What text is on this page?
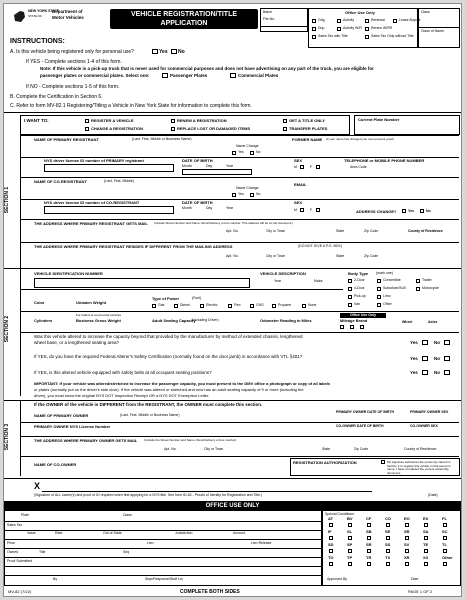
NEW YORK STATE
STATE OF
Department of
Motor Vehicles	VEHICLE REGISTRATION/TITLE
APPLICATION
Batch
File No.
Office Use Only
Orig
Dup
Sales Tax with Title
Activity
Activity W/R
Renewal
Renew W/RR
Sales Tax Only without Title
Lease Buyout
Class
Class of Name
INSTRUCTIONS:
A. Is this vehicle being registered only for personal use?	Yes No
If YES - Complete sections 1-4 of this form.
Note: If this vehicle is a pick-up truck that is never used for commercial purposes and does not have advertising on any part of the truck, you are eligible for
passenger plates or commercial plates. Select one:	Passenger Plates	Commercial Plates
If NO - Complete sections 1-5 of this form.
B. Complete the Certification in Section 6.
C. Refer to form MV-82.1 Registering/Titling a Vehicle in New York State for information to complete this form.
I WANT TO:	REGISTER A VEHICLE
CHANGE A REGISTRATION
RENEW A REGISTRATION
REPLACE LOST OR DAMAGED ITEMS
GET A TITLE ONLY
TRANSFER PLATES
Current Plate Number
SECTION 1
NAME OF PRIMARY REGISTRANT	(Last, First, Middle or Business Name)	FORMER NAME (if your name has changed you must present proof)
Name Change
Yes	No
NYS driver license ID number of PRIMARY registrant	DATE OF BIRTH
Month	Day	Year
SEX
M	F
TELEPHONE or MOBILE PHONE NUMBER
Area Code
NAME OF CO-REGISTRANT	(Last, First, Middle)
EMAIL
Name Change
Yes	No
NYS driver license ID number of CO-REGISTRANT	DATE OF BIRTH
Month	Day	Year
SEX
M	F	ADDRESS CHANGE?	Yes	No
THE ADDRESS WHERE PRIMARY REGISTRANT GETS MAIL (Include Street Number and Name, Rural Delivery or box number. This address will be on the document.)
Apt. No.	City or Town	State	Zip Code	County of Residence
THE ADDRESS WHERE PRIMARY REGISTRANT RESIDES IF DIFFERENT FROM THE MAILING ADDRESS	(DO NOT GIVE A P.O. BOX)
Apt. No.	City or Town	State	Zip Code
SECTION 2
VEHICLE IDENTIFICATION NUMBER	VEHICLE DESCRIPTION
Year	Make
Body Type (mark one)
2-Door	Convertible	Trailer
4-Door	Suburban/SUV	Motorcycle
Pick-up	Limo
Van	Other
Color	Unladen Weight
Type of Power	(Fuel)
Gas	Diesel	Electric	Flex	CNG	Propane	None
For trailers & commercial vehicles
Cylinders	Business Gross Weight	Adult Seating Capacity
(Including Driver)	Odometer Reading in Miles	Mileage Brand
Office Use Only
Wheel	Axles
Was this vehicle altered to increase the capacity beyond that provided by the manufacturer by method of extended chassis, lengthened
wheel base, or a lengthened seating area?	Yes	No
If YES, do you have the required Federal Alterer's Safety Certification (normally found on the door jamb) in accordance with VTL §401?	Yes	No
If YES, is this altered vehicle equipped with safety belts at all occupant seating positions?	Yes	No
IMPORTANT: If your vehicle was altered/stretched to increase the passenger capacity, you must present to the DMV office a photograph or copy of all labels
or plates (normally put on the driver's side door). If the vehicle was altered or stretched and now has an adult seating capacity of 9 or more (including the
driver), you must show the original NYS DOT Inspection Receipt OR a NYS DOT Exemption Letter.
SECTION 3
If the OWNER of the vehicle is DIFFERENT from the REGISTRANT, the OWNER must complete this section.
NAME OF PRIMARY OWNER	(Last, First, Middle or Business Name)
PRIMARY OWNER DATE OF BIRTH	PRIMARY OWNER SEX
PRIMARY OWNER NYS License Number	CO-OWNER DATE OF BIRTH	CO-OWNER SEX
THE ADDRESS WHERE PRIMARY OWNER GETS MAIL (Include the Street Number and Name, Rural Delivery or box number)
Apt. No.	City or Town	State	Zip Code	County of Residence
NAME OF CO-OWNER	REGISTRATION AUTHORIZATION	My signature authorizes the person(s) named in Section 1 to register this vehicle in that person's name. I have completed the current ownership document.
X
(Signature of ALL owner(s) and proof of ID required when first applying for a NYS title. See form ID-82 - Proofs of Identity for Registration and Title.)	(Date)
OFFICE USE ONLY
Plate	Class
Sales Tax
Value	Rate	Out of State	Jurisdiction	Amount
Price	Lien	Lien Release
Owned	Title	Seq
Proof Submitted
Stop/Response/Stuff Lm
By
Special Conditions
AT	BV	CF	CO	EO	EX	FL
IF	SL	SB	SE	SR	SA	SC
SD	SP	SR	SS	SV	TE	TL
TO	TP	TR	TX	XR	XX	Other
Approved By	Date
MV-82 (7/22)	COMPLETE BOTH SIDES	PAGE 1 OF 2
